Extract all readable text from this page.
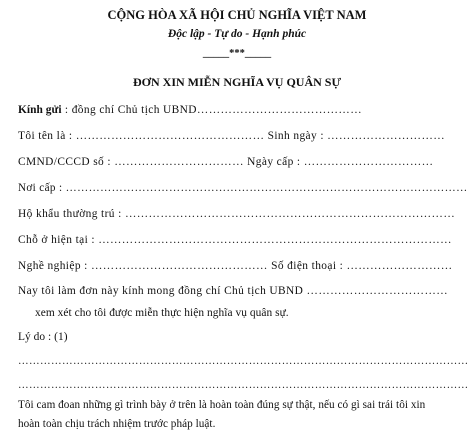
CỘNG HÒA XÃ HỘI CHỦ NGHĨA VIỆT NAM
Độc lập - Tự do - Hạnh phúc
_____***_____
ĐƠN XIN MIỄN NGHĨA VỤ QUÂN SỰ
Kính gửi : đồng chí Chủ tịch UBND……………………………………
Tôi tên là : ………………………………………… Sinh ngày : …………………………
CMND/CCCD số : …………………………… Ngày cấp : ……………………………
Nơi cấp : ……………………………………………………………………………………………
Hộ khẩu thường trú : …………………………………………………………………………
Chỗ ở hiện tại : ………………………………………………………………………………
Nghề nghiệp : ……………………………………… Số điện thoại : ………………………
Nay tôi làm đơn này kính mong đồng chí Chủ tịch UBND ………………………………
xem xét cho tôi được miễn thực hiện nghĩa vụ quân sự.
Lý do : (1)
……………………………………………………………………………………………………………
……………………………………………………………………………………………………………
Tôi cam đoan những gì trình bày ở trên là hoàn toàn đúng sự thật, nếu có gì sai trái tôi xin
hoàn toàn chịu trách nhiệm trước pháp luật.
